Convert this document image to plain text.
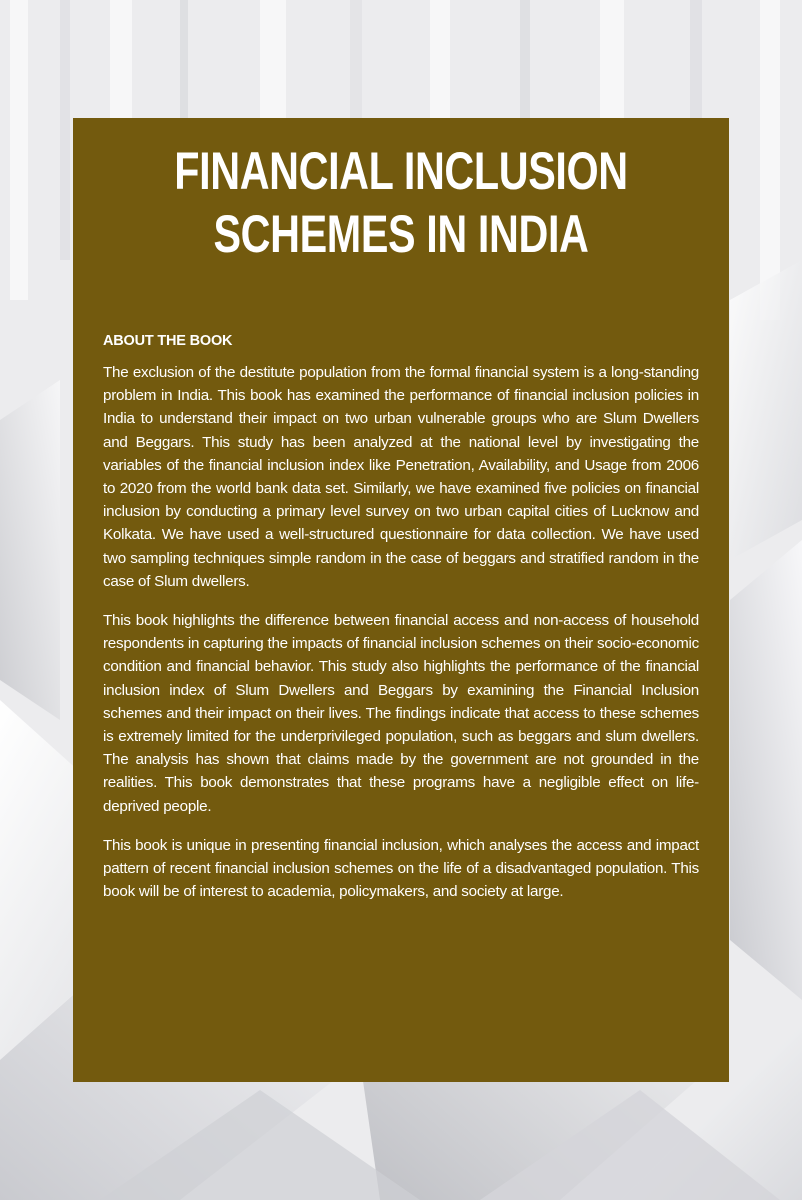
FINANCIAL INCLUSION
SCHEMES IN INDIA
ABOUT THE BOOK

The exclusion of the destitute population from the formal financial system is a long-standing problem in India. This book has examined the performance of financial inclusion policies in India to understand their impact on two urban vulnerable groups who are Slum Dwellers and Beggars. This study has been analyzed at the national level by investigating the variables of the financial inclusion index like Penetration, Availability, and Usage from 2006 to 2020 from the world bank data set. Similarly, we have examined five policies on financial inclusion by conducting a primary level survey on two urban capital cities of Lucknow and Kolkata. We have used a well-structured questionnaire for data collection. We have used two sampling techniques simple random in the case of beggars and stratified random in the case of Slum dwellers.

This book highlights the difference between financial access and non-access of household respondents in capturing the impacts of financial inclusion schemes on their socio-economic condition and financial behavior. This study also highlights the performance of the financial inclusion index of Slum Dwellers and Beggars by examining the Financial Inclusion schemes and their impact on their lives. The findings indicate that access to these schemes is extremely limited for the underprivileged population, such as beggars and slum dwellers. The analysis has shown that claims made by the government are not grounded in the realities. This book demonstrates that these programs have a negligible effect on life-deprived people.

This book is unique in presenting financial inclusion, which analyses the access and impact pattern of recent financial inclusion schemes on the life of a disadvantaged population. This book will be of interest to academia, policymakers, and society at large.
